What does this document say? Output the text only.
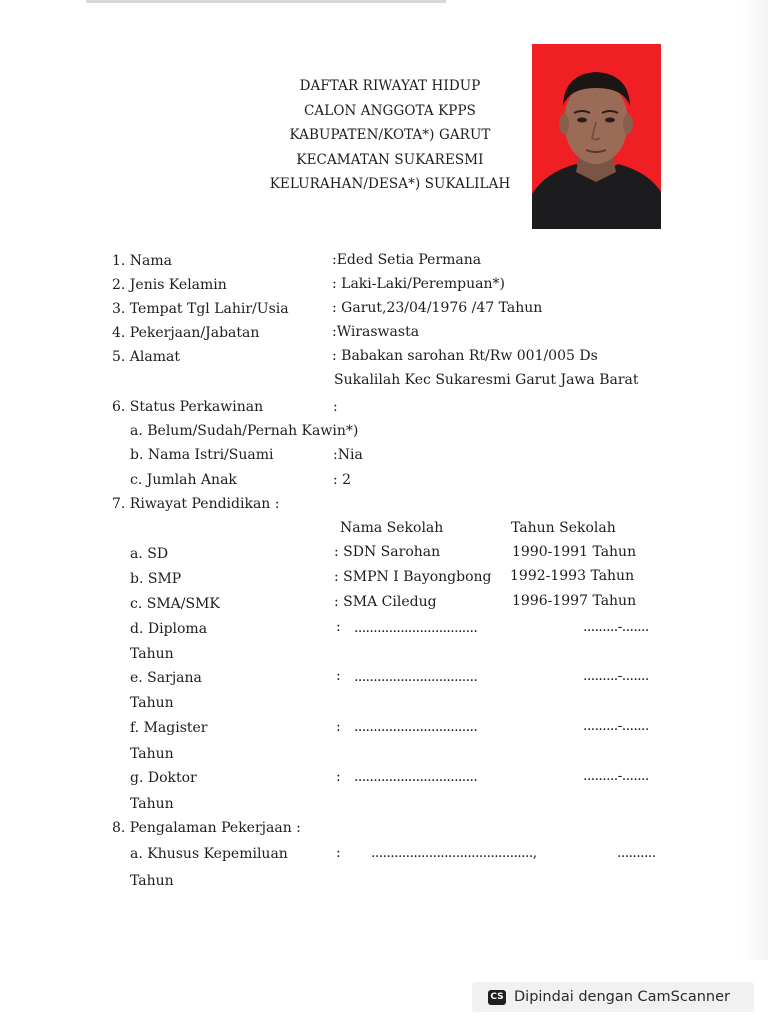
DAFTAR RIWAYAT HIDUP
CALON ANGGOTA KPPS
KABUPATEN/KOTA*) GARUT
KECAMATAN SUKARESMI
KELURAHAN/DESA*) SUKALILAH
1. Nama	:Eded Setia Permana
2. Jenis Kelamin	: Laki-Laki/Perempuan*)
3. Tempat Tgl Lahir/Usia	: Garut,23/04/1976 /47 Tahun
4. Pekerjaan/Jabatan	:Wiraswasta
5. Alamat	: Babakan sarohan Rt/Rw 001/005 Ds
Sukalilah Kec Sukaresmi Garut Jawa Barat
6. Status Perkawinan	:
a. Belum/Sudah/Pernah Kawin*)
b. Nama Istri/Suami	:Nia
c. Jumlah Anak	: 2
7. Riwayat Pendidikan :
Nama Sekolah	Tahun Sekolah
a. SD	: SDN Sarohan	1990-1991 Tahun
b. SMP	: SMPN I Bayongbong 1992-1993 Tahun
c. SMA/SMK	: SMA Ciledug	1996-1997 Tahun
d. Diploma	: ................................	.........-.......
Tahun
e. Sarjana	: ................................	.........-.......
Tahun
f. Magister	: ................................	.........-.......
Tahun
g. Doktor	: ................................	.........-.......
Tahun
8. Pengalaman Pekerjaan :
a. Khusus Kepemiluan	: ..........................................,	..........
Tahun
CS Dipindai dengan CamScanner
